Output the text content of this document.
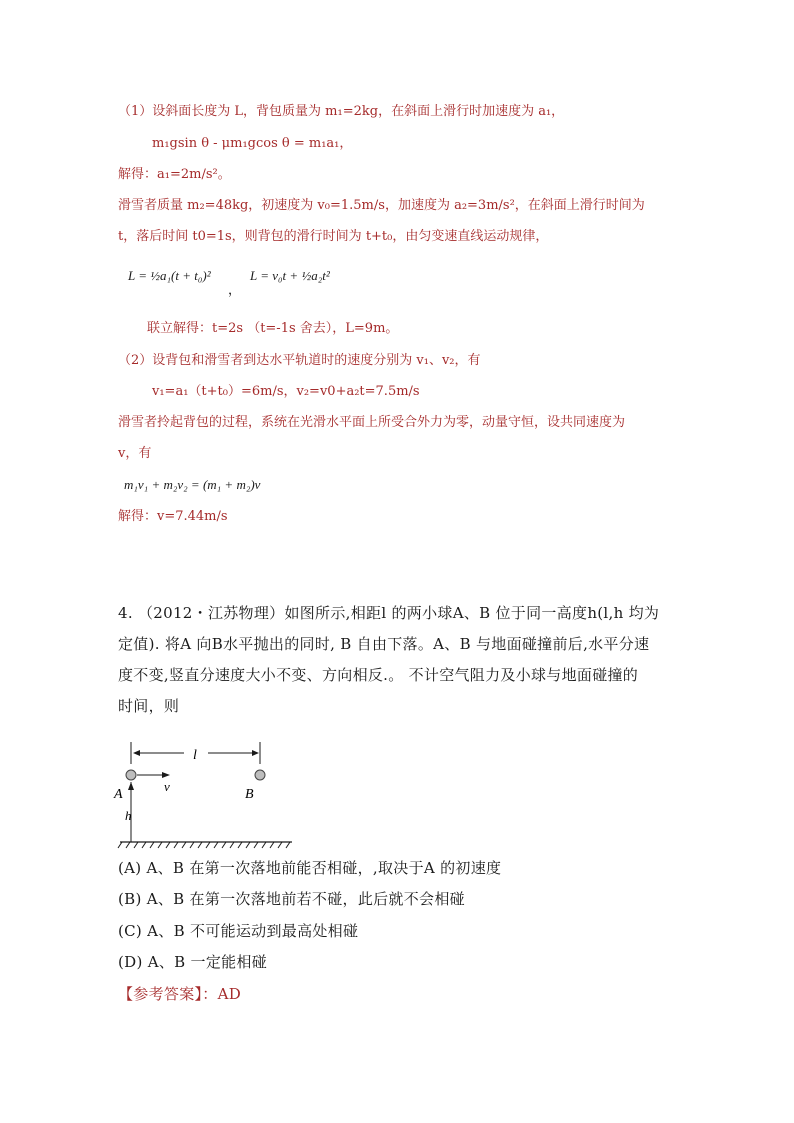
（1）设斜面长度为 L，背包质量为 m₁=2kg，在斜面上滑行时加速度为 a₁，
m₁gsin θ - μm₁gcos θ = m₁a₁，
解得：a₁=2m/s²。
滑雪者质量 m₂=48kg，初速度为 v₀=1.5m/s，加速度为 a₂=3m/s²，在斜面上滑行时间为
t，落后时间 t0=1s，则背包的滑行时间为 t+t₀，由匀变速直线运动规律，
L = ½a₁(t + t₀)²
，
L = v₀t + ½a₂t²
联立解得：t=2s （t=-1s 舍去），L=9m。
（2）设背包和滑雪者到达水平轨道时的速度分别为 v₁、v₂，有
v₁=a₁（t+t₀）=6m/s，v₂=v0+a₂t=7.5m/s
滑雪者拎起背包的过程，系统在光滑水平面上所受合外力为零，动量守恒，设共同速度为
v，有
m₁v₁ + m₂v₂ = (m₁ + m₂)v
解得：v=7.44m/s
4. （2012・江苏物理）如图所示,相距l 的两小球A、B 位于同一高度h(l,h 均为
定值). 将A 向B水平抛出的同时, B 自由下落。A、B 与地面碰撞前后,水平分速
度不变,竖直分速度大小不变、方向相反.。 不计空气阻力及小球与地面碰撞的
时间，则
l
v
A	B
h
(A) A、B 在第一次落地前能否相碰，,取决于A 的初速度
(B) A、B 在第一次落地前若不碰，此后就不会相碰
(C) A、B 不可能运动到最高处相碰
(D) A、B 一定能相碰
【参考答案】：AD
